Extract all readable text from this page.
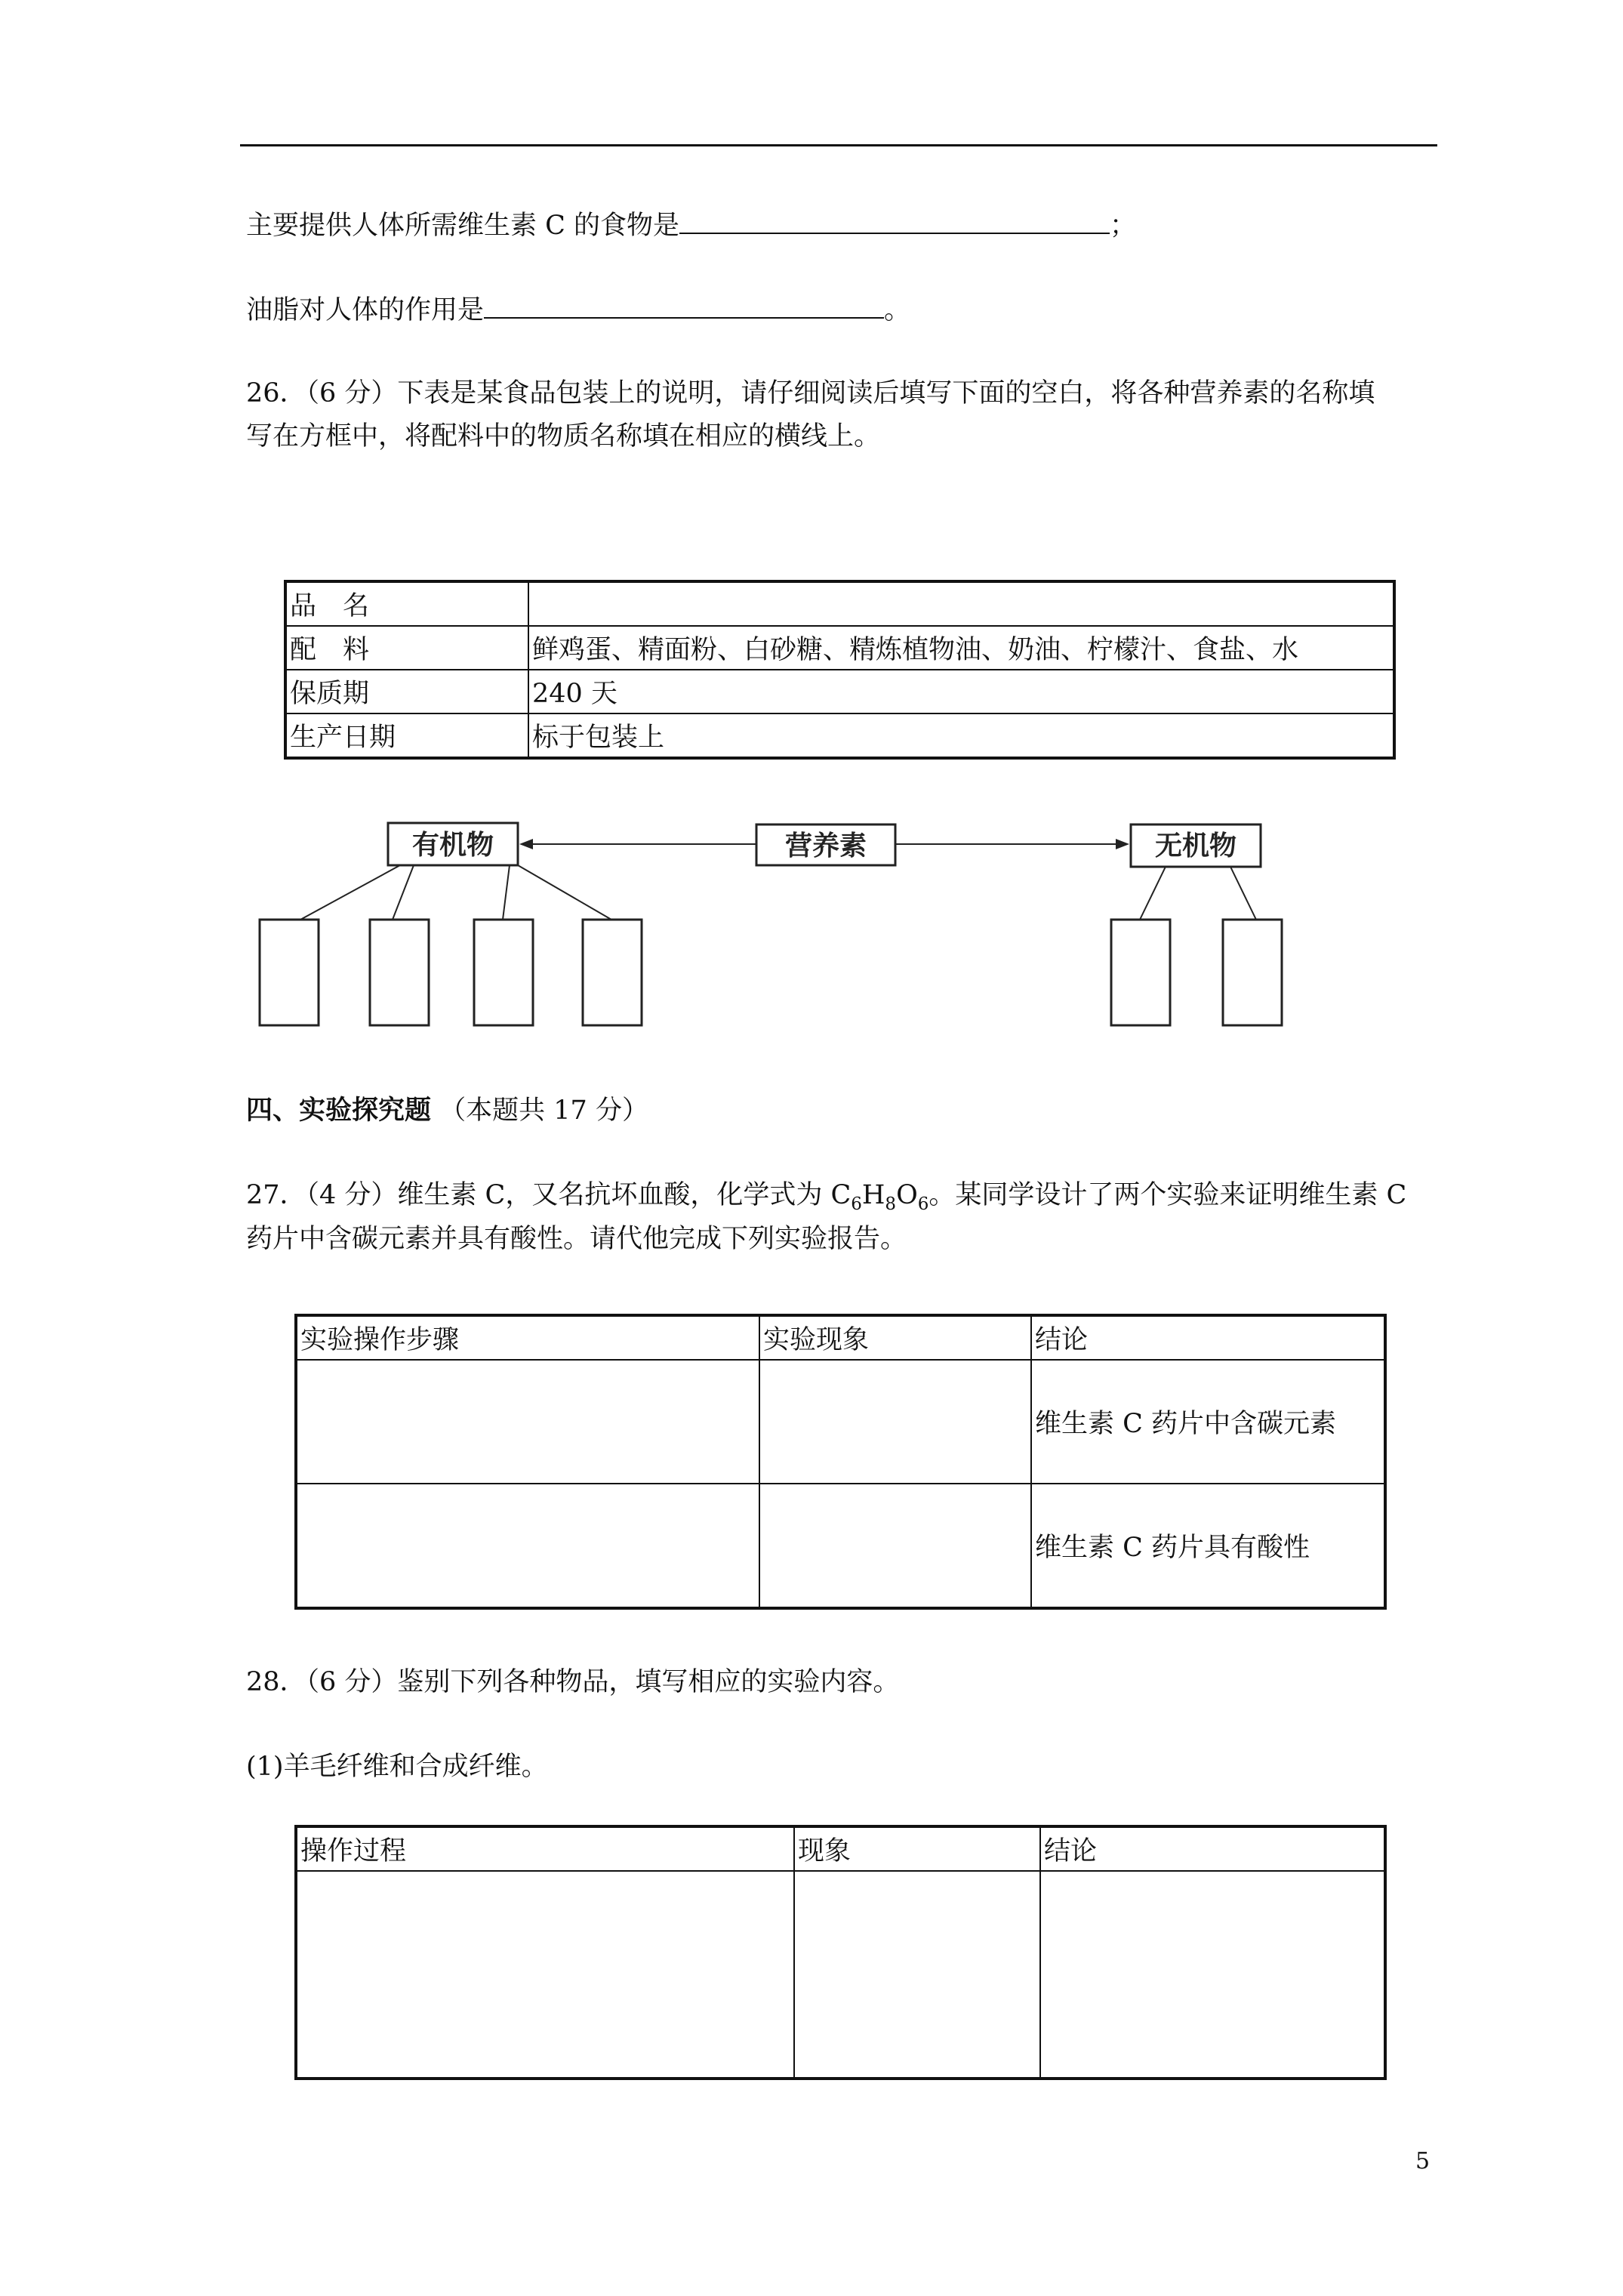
主要提供人体所需维生素 C 的食物是	；
油脂对人体的作用是	。
26．（6 分）下表是某食品包装上的说明，请仔细阅读后填写下面的空白，将各种营养素的名称填
写在方框中，将配料中的物质名称填在相应的横线上。
品　名	
配　料	鲜鸡蛋、精面粉、白砂糖、精炼植物油、奶油、柠檬汁、食盐、水
保质期	240 天
生产日期	标于包装上
有机物	营养素	无机物
四、实验探究题 （本题共 17 分）
27．（4 分）维生素 C，又名抗坏血酸，化学式为 $C_6H_8O_6$。某同学设计了两个实验来证明维生素 C
药片中含碳元素并具有酸性。请代他完成下列实验报告。
实验操作步骤	实验现象	结论
		维生素 C 药片中含碳元素
		维生素 C 药片具有酸性
28．（6 分）鉴别下列各种物品，填写相应的实验内容。
(1)羊毛纤维和合成纤维。
操作过程	现象	结论

5
